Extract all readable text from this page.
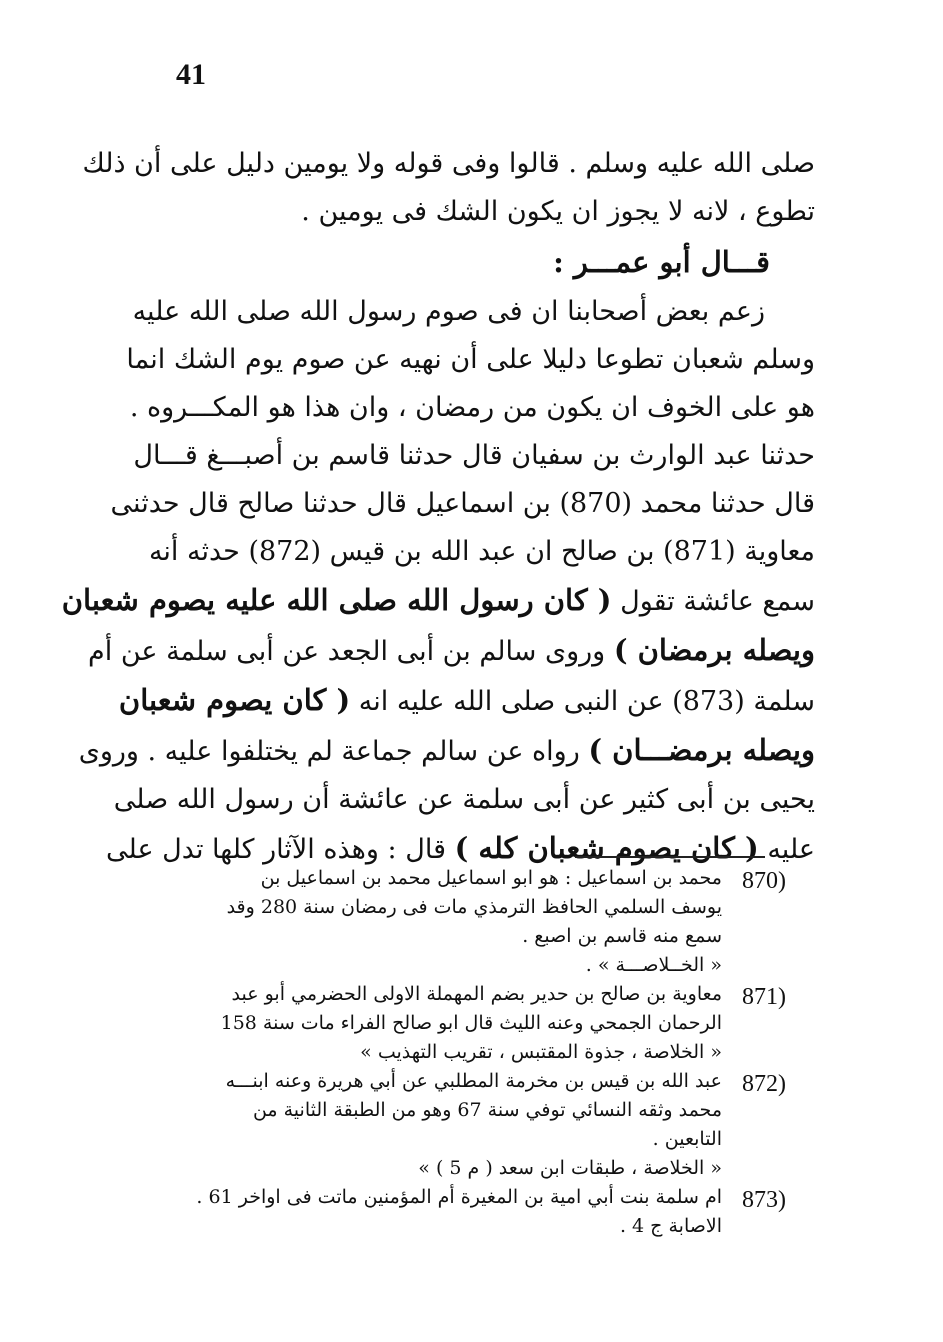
41

صلى الله عليه وسلم . قالوا وفى قوله ولا يومين دليل على أن ذلك

تطوع ، لانه لا يجوز ان يكون الشك فى يومين .

قـــال أبو عمـــر :

زعم بعض أصحابنا ان فى صوم رسول الله صلى الله عليه

وسلم شعبان تطوعا دليلا على أن نهيه عن صوم يوم الشك انما

هو على الخوف ان يكون من رمضان ، وان هذا هو المكـــروه .

حدثنا عبد الوارث بن سفيان قال حدثنا قاسم بن أصبـــغ قـــال

قال حدثنا محمد (870) بن اسماعيل قال حدثنا صالح قال حدثنى

معاوية (871) بن صالح ان عبد الله بن قيس (872) حدثه أنه

سمع عائشة تقول ( كان رسول الله صلى الله عليه يصوم شعبان

ويصله برمضان ) وروى سالم بن أبى الجعد عن أبى سلمة عن أم

سلمة (873) عن النبى صلى الله عليه انه ( كان يصوم شعبان

ويصله برمضـــان ) رواه عن سالم جماعة لم يختلفوا عليه . وروى

يحيى بن أبى كثير عن أبى سلمة عن عائشة أن رسول الله صلى

عليه ( كان يصوم شعبان كله ) قال : وهذه الآثار كلها تدل على

870)

محمد بن اسماعيل : هو ابو اسماعيل محمد بن اسماعيل بن

يوسف السلمي الحافظ الترمذي مات فى رمضان سنة 280 وقد

سمع منه قاسم بن اصبع .

« الخــلاصـــة » .

871)

معاوية بن صالح بن حدير بضم المهملة الاولى الحضرمي أبو عبد

الرحمان الجمحي وعنه الليث قال ابو صالح الفراء مات سنة 158

« الخلاصة ، جذوة المقتبس ، تقريب التهذيب »

872)

عبد الله بن قيس بن مخرمة المطلبي عن أبي هريرة وعنه ابنـــه

محمد وثقه النسائي توفي سنة 67 وهو من الطبقة الثانية من

التابعين .

« الخلاصة ، طبقات ابن سعد ( م 5 ) »

873)

ام سلمة بنت أبي امية بن المغيرة أم المؤمنين ماتت فى اواخر 61 .

الاصابة ج 4 .
